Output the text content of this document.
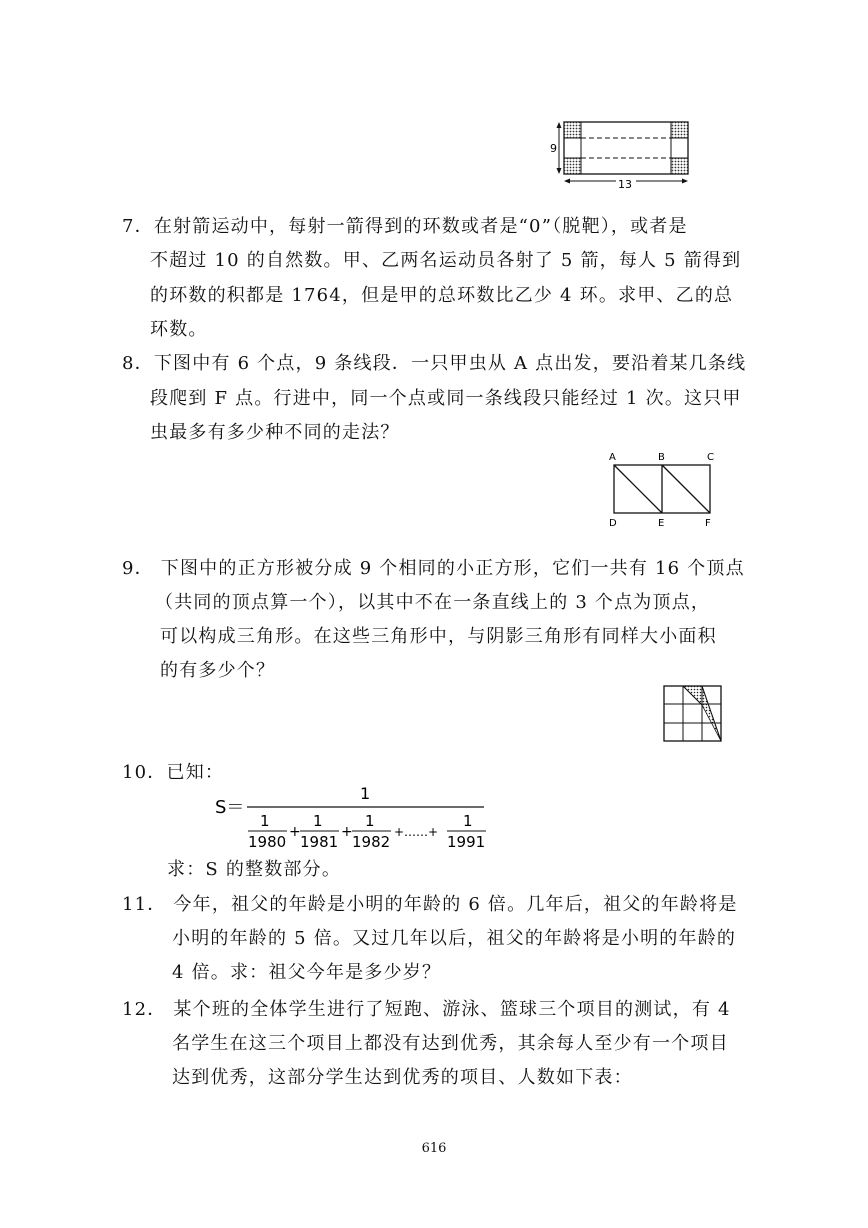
9
13
7．在射箭运动中，每射一箭得到的环数或者是“0”（脱靶），或者是
不超过 10 的自然数。甲、乙两名运动员各射了 5 箭，每人 5 箭得到
的环数的积都是 1764，但是甲的总环数比乙少 4 环。求甲、乙的总
环数。
8．下图中有 6 个点，9 条线段．一只甲虫从 A 点出发，要沿着某几条线
段爬到 F 点。行进中，同一个点或同一条线段只能经过 1 次。这只甲
虫最多有多少种不同的走法？
A	B	C
D	E	F
9． 下图中的正方形被分成 9 个相同的小正方形，它们一共有 16 个顶点
（共同的顶点算一个），以其中不在一条直线上的 3 个点为顶点，
可以构成三角形。在这些三角形中，与阴影三角形有同样大小面积
的有多少个？
10．已知：
S＝
1
1
1980
+
1
1981
+
1
1982
+……+
1
1991
求：S 的整数部分。
11． 今年，祖父的年龄是小明的年龄的 6 倍。几年后，祖父的年龄将是
小明的年龄的 5 倍。又过几年以后，祖父的年龄将是小明的年龄的
4 倍。求：祖父今年是多少岁？
12． 某个班的全体学生进行了短跑、游泳、篮球三个项目的测试，有 4
名学生在这三个项目上都没有达到优秀，其余每人至少有一个项目
达到优秀，这部分学生达到优秀的项目、人数如下表：
616
